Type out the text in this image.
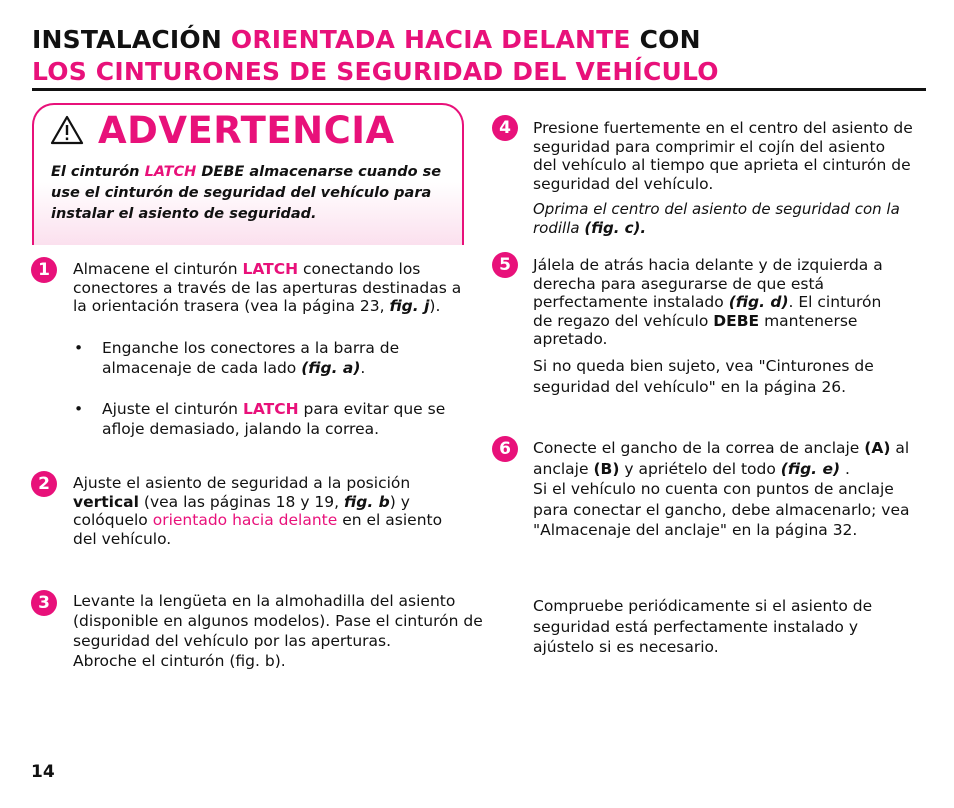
INSTALACIÓN ORIENTADA HACIA DELANTE CON
LOS CINTURONES DE SEGURIDAD DEL VEHÍCULO
ADVERTENCIA
El cinturón LATCH DEBE almacenarse cuando se use el cinturón de seguridad del vehículo para instalar el asiento de seguridad.
1	Almacene el cinturón LATCH conectando los conectores a través de las aperturas destinadas a la orientación trasera (vea la página 23, fig. j).
• Enganche los conectores a la barra de almacenaje de cada lado (fig. a).
• Ajuste el cinturón LATCH para evitar que se afloje demasiado, jalando la correa.
2	Ajuste el asiento de seguridad a la posición vertical (vea las páginas 18 y 19, fig. b) y colóquelo orientado hacia delante en el asiento del vehículo.
3	Levante la lengüeta en la almohadilla del asiento (disponible en algunos modelos). Pase el cinturón de seguridad del vehículo por las aperturas.
Abroche el cinturón (fig. b).
4	Presione fuertemente en el centro del asiento de seguridad para comprimir el cojín del asiento del vehículo al tiempo que aprieta el cinturón de seguridad del vehículo.
Oprima el centro del asiento de seguridad con la rodilla (fig. c).
5	Jálela de atrás hacia delante y de izquierda a derecha para asegurarse de que está perfectamente instalado (fig. d). El cinturón de regazo del vehículo DEBE mantenerse apretado.
Si no queda bien sujeto, vea "Cinturones de seguridad del vehículo" en la página 26.
6	Conecte el gancho de la correa de anclaje (A) al anclaje (B) y apriételo del todo (fig. e) .
Si el vehículo no cuenta con puntos de anclaje para conectar el gancho, debe almacenarlo; vea "Almacenaje del anclaje" en la página 32.
Compruebe periódicamente si el asiento de seguridad está perfectamente instalado y ajústelo si es necesario.
14
